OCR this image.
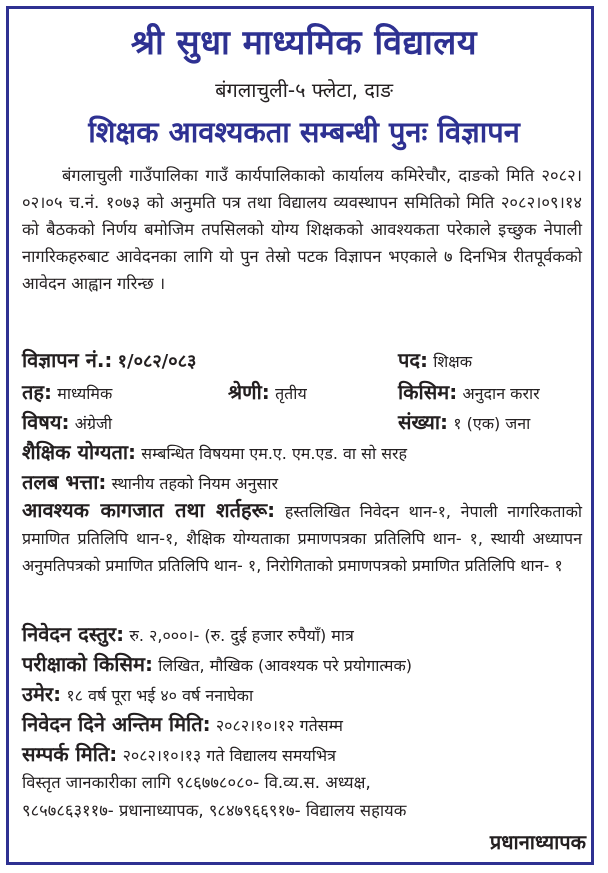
श्री सुधा माध्यमिक विद्यालय
बंगलाचुली-५ फ्लेटा, दाङ
शिक्षक आवश्यकता सम्बन्धी पुनः विज्ञापन
बंगलाचुली गाउँपालिका गाउँ कार्यपालिकाको कार्यालय कमिरेचौर, दाङको मिति २०८२।०२।०५ च.नं. १०७३ को अनुमति पत्र तथा विद्यालय व्यवस्थापन समितिको मिति २०८२।०९।१४ को बैठकको निर्णय बमोजिम तपसिलको योग्य शिक्षकको आवश्यकता परेकाले इच्छुक नेपाली नागरिकहरुबाट आवेदनका लागि यो पुन तेस्रो पटक विज्ञापन भएकाले ७ दिनभित्र रीतपूर्वकको आवेदन आह्वान गरिन्छ ।
विज्ञापन नं.: १/०८२/०८३	पद: शिक्षक
तह: माध्यमिक	श्रेणी: तृतीय	किसिम: अनुदान करार
विषय: अंग्रेजी	संख्या: १ (एक) जना
शैक्षिक योग्यता: सम्बन्धित विषयमा एम.ए. एम.एड. वा सो सरह
तलब भत्ता: स्थानीय तहको नियम अनुसार
आवश्यक कागजात तथा शर्तहरू: हस्तलिखित निवेदन थान-१, नेपाली नागरिकताको प्रमाणित प्रतिलिपि थान-१, शैक्षिक योग्यताका प्रमाणपत्रका प्रतिलिपि थान- १, स्थायी अध्यापन अनुमतिपत्रको प्रमाणित प्रतिलिपि थान- १, निरोगिताको प्रमाणपत्रको प्रमाणित प्रतिलिपि थान- १
निवेदन दस्तुर: रु. २,०००।- (रु. दुई हजार रुपैयाँ) मात्र
परीक्षाको किसिम: लिखित, मौखिक (आवश्यक परे प्रयोगात्मक)
उमेर: १८ वर्ष पूरा भई ४० वर्ष ननाघेका
निवेदन दिने अन्तिम मिति: २०८२।१०।१२ गतेसम्म
सम्पर्क मिति: २०८२।१०।१३ गते विद्यालय समयभित्र
विस्तृत जानकारीका लागि ९८६७७८०८०- वि.व्य.स. अध्यक्ष,
९८५७८६३११७- प्रधानाध्यापक, ९८४७९६६९१७- विद्यालय सहायक
प्रधानाध्यापक
